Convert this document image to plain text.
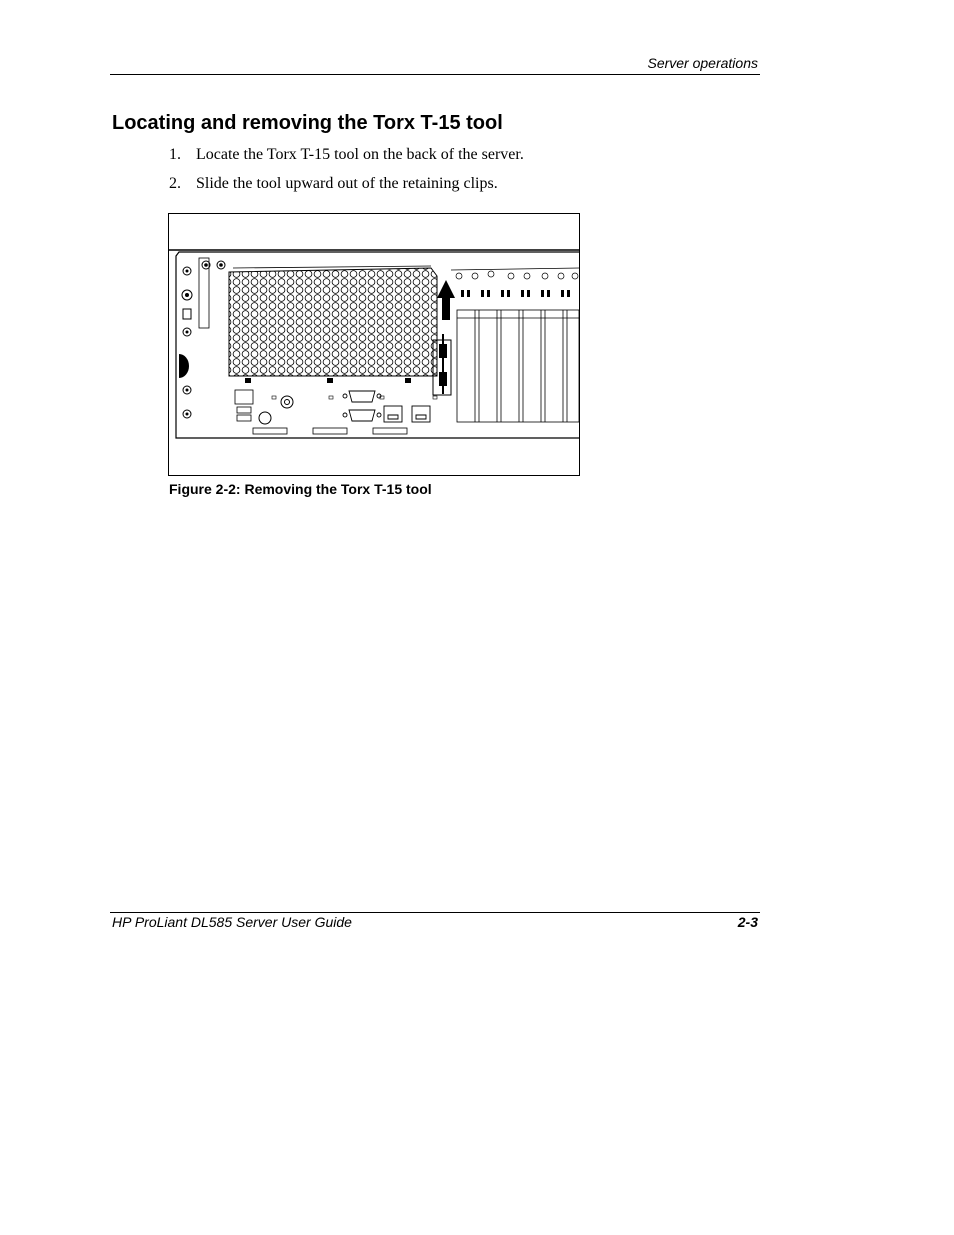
Server operations
Locating and removing the Torx T-15 tool
1. Locate the Torx T-15 tool on the back of the server.
2. Slide the tool upward out of the retaining clips.
Figure 2-2: Removing the Torx T-15 tool
HP ProLiant DL585 Server User Guide	2-3
